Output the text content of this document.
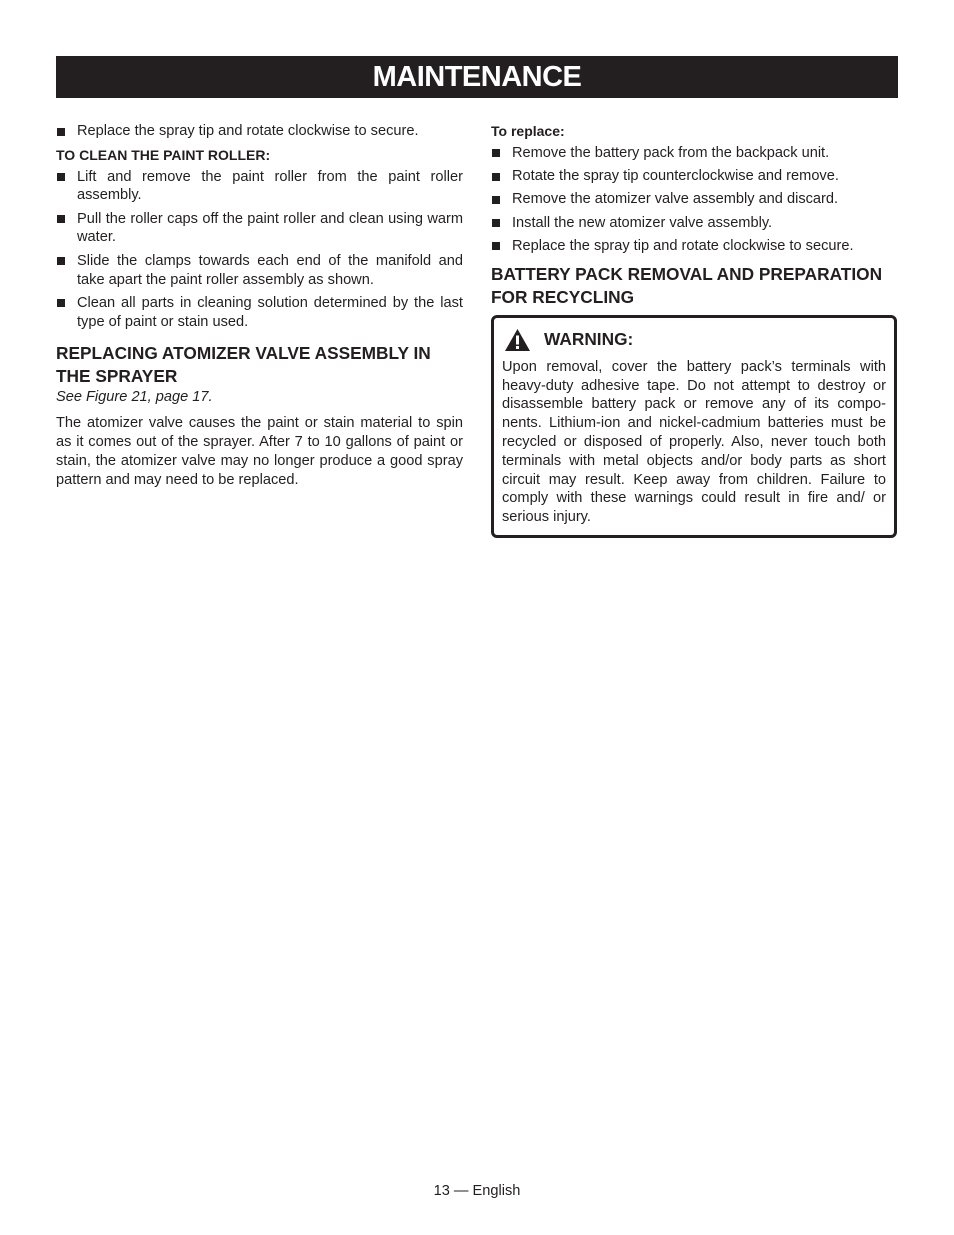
MAINTENANCE
Replace the spray tip and rotate clockwise to secure.

TO CLEAN THE PAINT ROLLER:

Lift and remove the paint roller from the paint roller assembly.
Pull the roller caps off the paint roller and clean using warm water.
Slide the clamps towards each end of the manifold and take apart the paint roller assembly as shown.
Clean all parts in cleaning solution determined by the last type of paint or stain used.

REPLACING ATOMIZER VALVE ASSEMBLY IN THE SPRAYER

See Figure 21, page 17.

The atomizer valve causes the paint or stain material to spin as it comes out of the sprayer. After 7 to 10 gallons of paint or stain, the atomizer valve may no longer produce a good spray pattern and may need to be replaced.

To replace:

Remove the battery pack from the backpack unit.
Rotate the spray tip counterclockwise and remove.
Remove the atomizer valve assembly and discard.
Install the new atomizer valve assembly.
Replace the spray tip and rotate clockwise to secure.

BATTERY PACK REMOVAL AND PREPARATION FOR RECYCLING

WARNING:

Upon removal, cover the battery pack’s terminals with heavy-duty adhesive tape. Do not attempt to destroy or disassemble battery pack or remove any of its compo-nents. Lithium-ion and nickel-cadmium batteries must be recycled or disposed of properly. Also, never touch both terminals with metal objects and/or body parts as short circuit may result. Keep away from children. Failure to comply with these warnings could result in fire and/ or serious injury.

13 — English
